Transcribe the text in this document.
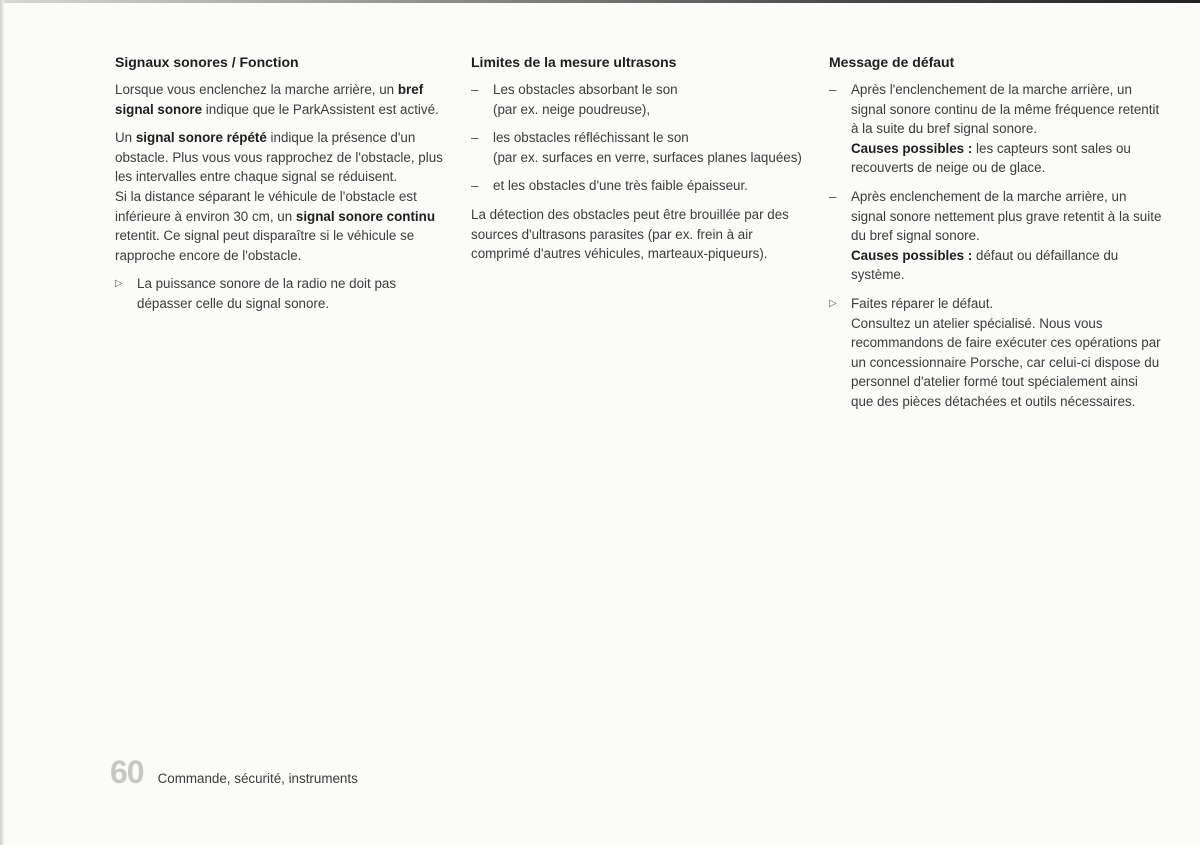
Signaux sonores / Fonction

Lorsque vous enclenchez la marche arrière, un bref signal sonore indique que le ParkAssistent est activé.

Un signal sonore répété indique la présence d'un obstacle. Plus vous vous rapprochez de l'obstacle, plus les intervalles entre chaque signal se réduisent.

Si la distance séparant le véhicule de l'obstacle est inférieure à environ 30 cm, un signal sonore continu retentit. Ce signal peut disparaître si le véhicule se rapproche encore de l'obstacle.

▷	La puissance sonore de la radio ne doit pas dépasser celle du signal sonore.

Limites de la mesure ultrasons

–	Les obstacles absorbant le son
(par ex. neige poudreuse),
–	les obstacles réfléchissant le son
(par ex. surfaces en verre, surfaces planes laquées)
–	et les obstacles d'une très faible épaisseur.

La détection des obstacles peut être brouillée par des sources d'ultrasons parasites (par ex. frein à air comprimé d'autres véhicules, marteaux-piqueurs).

Message de défaut

–	Après l'enclenchement de la marche arrière, un signal sonore continu de la même fréquence retentit à la suite du bref signal sonore.
Causes possibles : les capteurs sont sales ou recouverts de neige ou de glace.
–	Après enclenchement de la marche arrière, un signal sonore nettement plus grave retentit à la suite du bref signal sonore.
Causes possibles : défaut ou défaillance du système.
▷	Faites réparer le défaut.
Consultez un atelier spécialisé. Nous vous recommandons de faire exécuter ces opérations par un concessionnaire Porsche, car celui-ci dispose du personnel d'atelier formé tout spécialement ainsi que des pièces détachées et outils nécessaires.
60 Commande, sécurité, instruments
